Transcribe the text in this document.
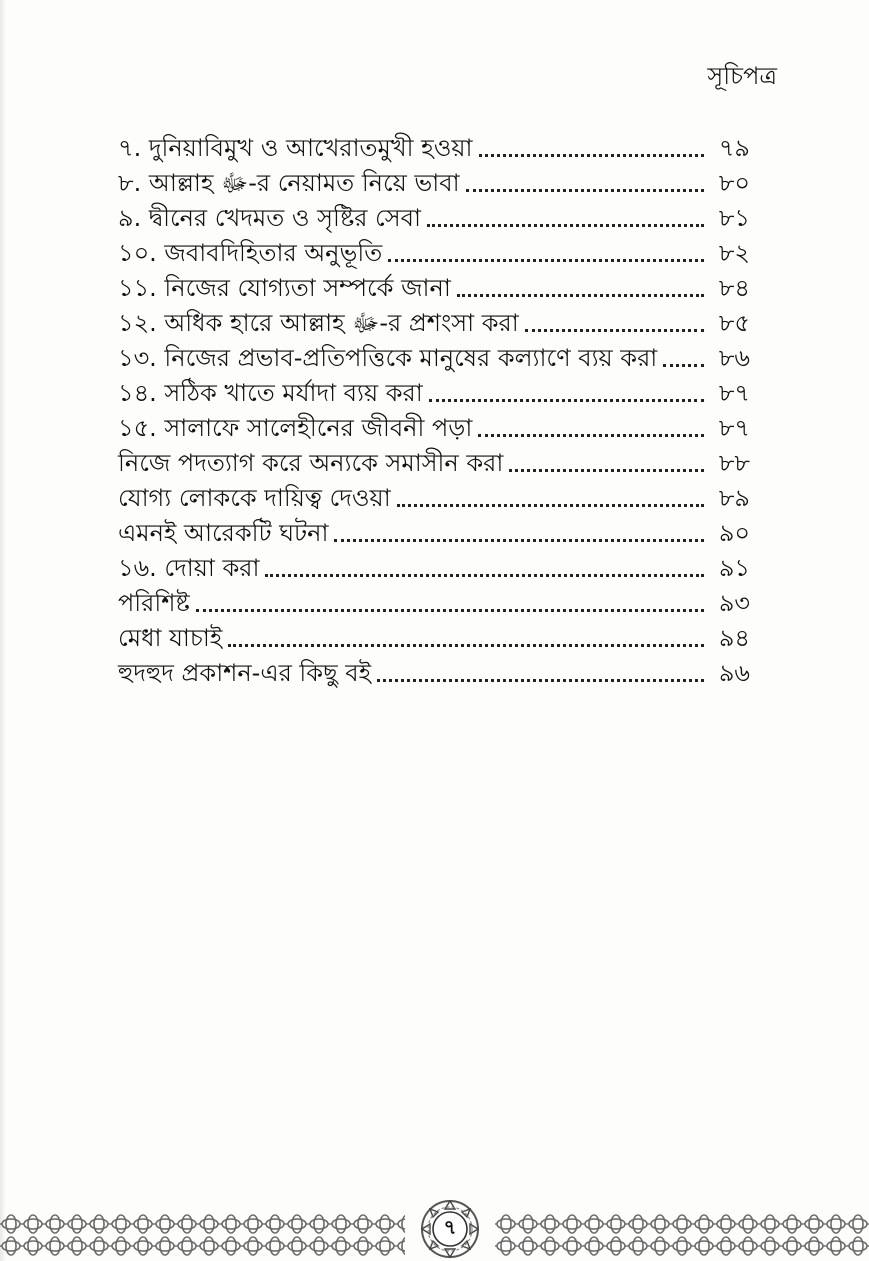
সূচিপত্র
৭. দুনিয়াবিমুখ ও আখেরাতমুখী হওয়া	৭৯
৮. আল্লাহ ﷻ-র নেয়ামত নিয়ে ভাবা	৮০
৯. দ্বীনের খেদমত ও সৃষ্টির সেবা	৮১
১০. জবাবদিহিতার অনুভূতি	৮২
১১. নিজের যোগ্যতা সম্পর্কে জানা	৮৪
১২. অধিক হারে আল্লাহ ﷻ-র প্রশংসা করা	৮৫
১৩. নিজের প্রভাব-প্রতিপত্তিকে মানুষের কল্যাণে ব্যয় করা	৮৬
১৪. সঠিক খাতে মর্যাদা ব্যয় করা	৮৭
১৫. সালাফে সালেহীনের জীবনী পড়া	৮৭
নিজে পদত্যাগ করে অন্যকে সমাসীন করা	৮৮
যোগ্য লোককে দায়িত্ব দেওয়া	৮৯
এমনই আরেকটি ঘটনা	৯০
১৬. দোয়া করা	৯১
পরিশিষ্ট	৯৩
মেধা যাচাই	৯৪
হুদহুদ প্রকাশন-এর কিছু বই	৯৬
৭
